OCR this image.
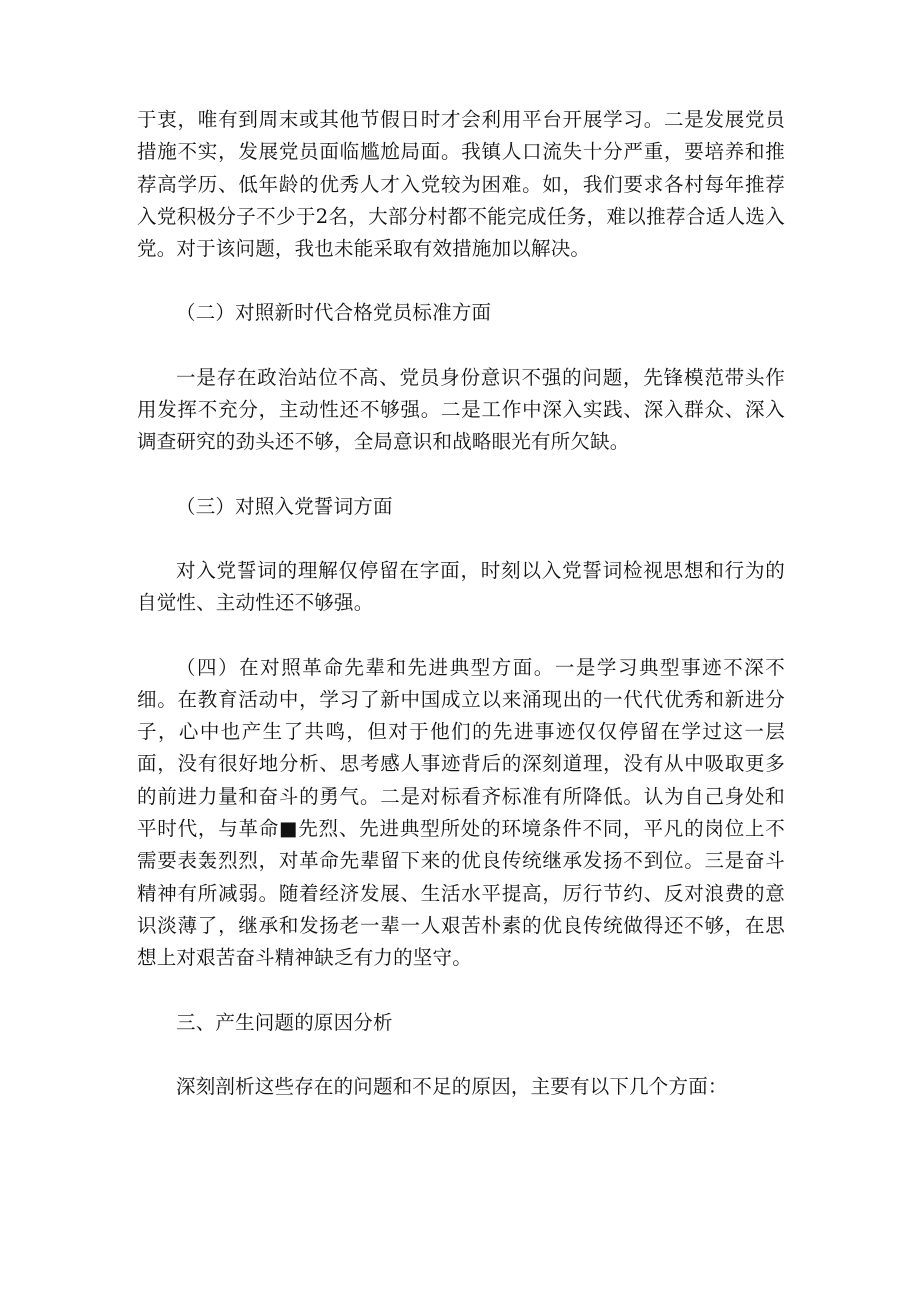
于衷，唯有到周末或其他节假日时才会利用平台开展学习。二是发展党员措施不实，发展党员面临尴尬局面。我镇人口流失十分严重，要培养和推荐高学历、低年龄的优秀人才入党较为困难。如，我们要求各村每年推荐入党积极分子不少于2名，大部分村都不能完成任务，难以推荐合适人选入党。对于该问题，我也未能采取有效措施加以解决。

（二）对照新时代合格党员标准方面

一是存在政治站位不高、党员身份意识不强的问题，先锋模范带头作用发挥不充分，主动性还不够强。二是工作中深入实践、深入群众、深入调查研究的劲头还不够，全局意识和战略眼光有所欠缺。

（三）对照入党誓词方面

对入党誓词的理解仅停留在字面，时刻以入党誓词检视思想和行为的自觉性、主动性还不够强。

（四）在对照革命先辈和先进典型方面。一是学习典型事迹不深不细。在教育活动中，学习了新中国成立以来涌现出的一代代优秀和新进分子，心中也产生了共鸣，但对于他们的先进事迹仅仅停留在学过这一层面，没有很好地分析、思考感人事迹背后的深刻道理，没有从中吸取更多的前进力量和奋斗的勇气。二是对标看齐标准有所降低。认为自己身处和平时代，与革命■先烈、先进典型所处的环境条件不同，平凡的岗位上不需要表轰烈烈，对革命先辈留下来的优良传统继承发扬不到位。三是奋斗精神有所减弱。随着经济发展、生活水平提高，厉行节约、反对浪费的意识淡薄了，继承和发扬老一辈一人艰苦朴素的优良传统做得还不够，在思想上对艰苦奋斗精神缺乏有力的坚守。

三、产生问题的原因分析

深刻剖析这些存在的问题和不足的原因，主要有以下几个方面：
